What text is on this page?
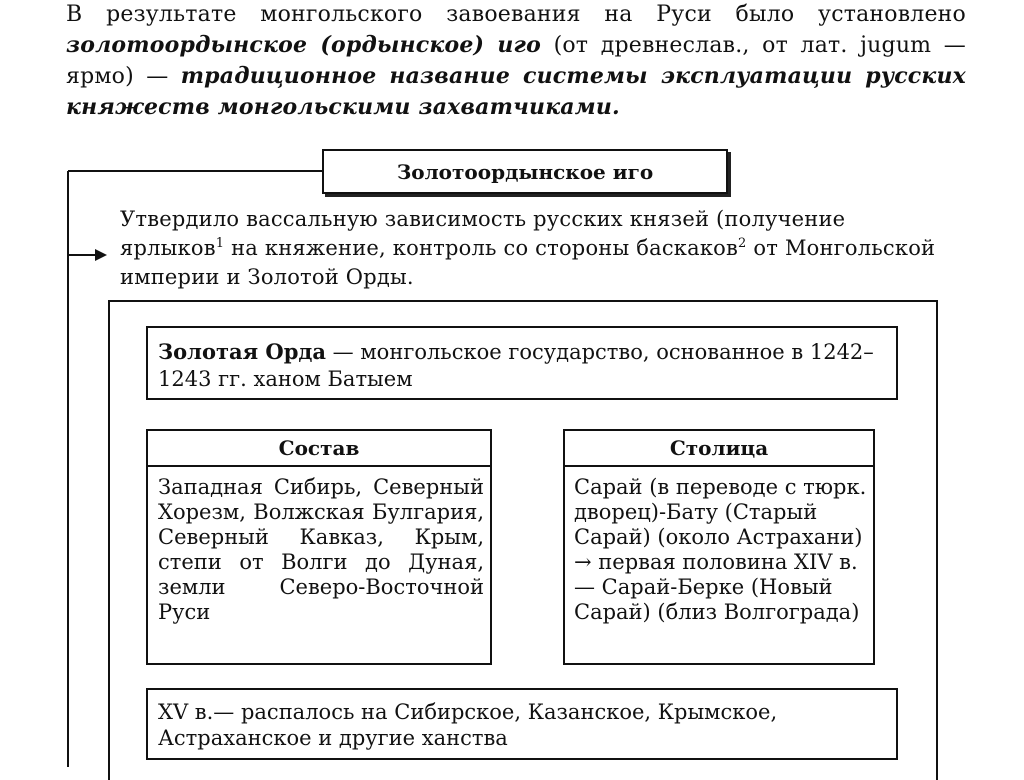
В результате монгольского завоевания на Руси было установлено золотоордынское (ордынское) иго (от древнеслав., от лат. jugum — ярмо) — традиционное название системы эксплуатации русских княжеств монгольскими захватчиками.

Золотоордынское иго
Утвердило вассальную зависимость русских князей (получение ярлыков$^1$ на княжение, контроль со стороны баскаков$^2$ от Монгольской империи и Золотой Орды.
Золотая Орда — монгольское государство, основанное в 1242–1243 гг. ханом Батыем
Состав
Западная Сибирь, Северный Хорезм, Волжская Булгария, Северный Кавказ, Крым, степи от Волги до Дуная, земли Северо-Восточной Руси
Столица
Сарай (в переводе с тюрк. дворец)-Бату (Старый Сарай) (около Астрахани) → первая половина XIV в.— Сарай-Берке (Новый Сарай) (близ Волгограда)
XV в.— распалось на Сибирское, Казанское, Крымское, Астраханское и другие ханства
